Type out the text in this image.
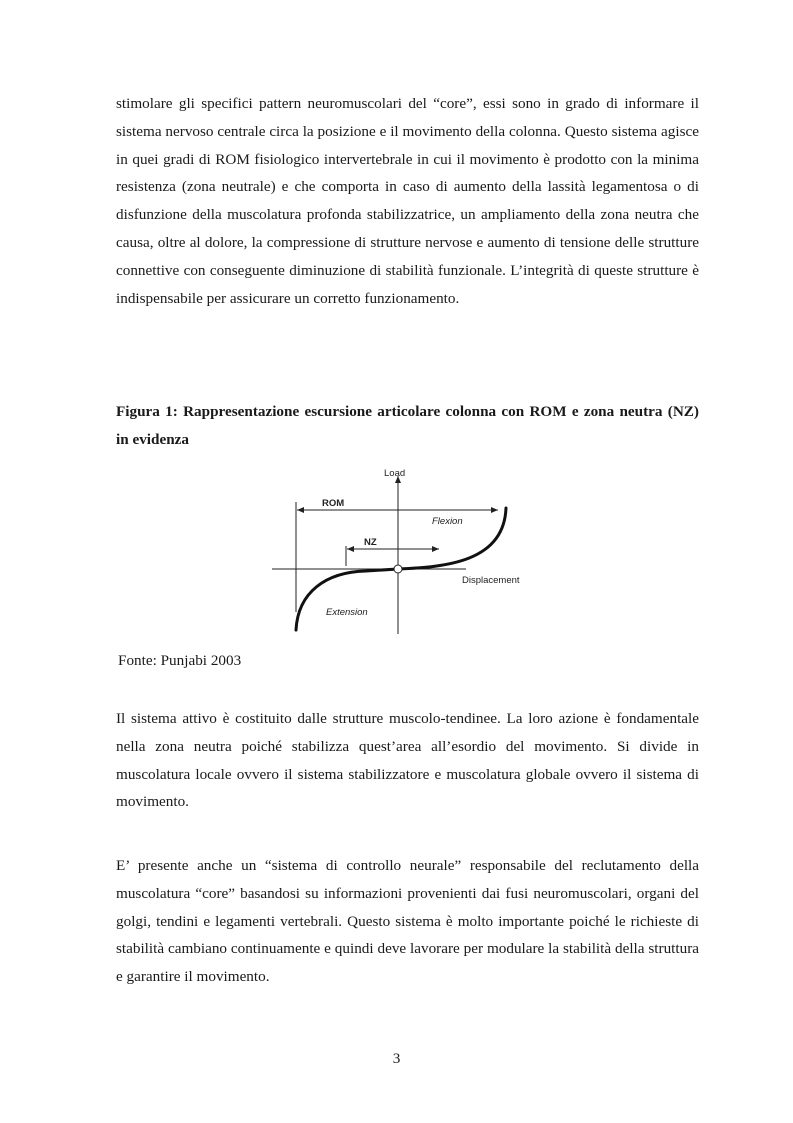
stimolare gli specifici pattern neuromuscolari del “core”, essi sono in grado di informare il sistema nervoso centrale circa la posizione e il movimento della colonna. Questo sistema agisce in quei gradi di ROM fisiologico intervertebrale in cui il movimento è prodotto con la minima resistenza (zona neutrale) e che comporta in caso di aumento della lassità legamentosa o di disfunzione della muscolatura profonda stabilizzatrice, un ampliamento della zona neutra che causa, oltre al dolore, la compressione di strutture nervose e aumento di tensione delle strutture connettive con conseguente diminuzione di stabilità funzionale. L’integrità di queste strutture è indispensabile per assicurare un corretto funzionamento.

Figura 1: Rappresentazione escursione articolare colonna con ROM e zona neutra (NZ) in evidenza

Load
Displacement
ROM
NZ
Flexion
Extension

Fonte: Punjabi 2003

Il sistema attivo è costituito dalle strutture muscolo-tendinee. La loro azione è fondamentale nella zona neutra poiché stabilizza quest’area all’esordio del movimento. Si divide in muscolatura locale ovvero il sistema stabilizzatore e muscolatura globale ovvero il sistema di movimento.

E’ presente anche un “sistema di controllo neurale” responsabile del reclutamento della muscolatura “core” basandosi su informazioni provenienti dai fusi neuromuscolari, organi del golgi, tendini e legamenti vertebrali. Questo sistema è molto importante poiché le richieste di stabilità cambiano continuamente e quindi deve lavorare per modulare la stabilità della struttura e garantire il movimento.

3
